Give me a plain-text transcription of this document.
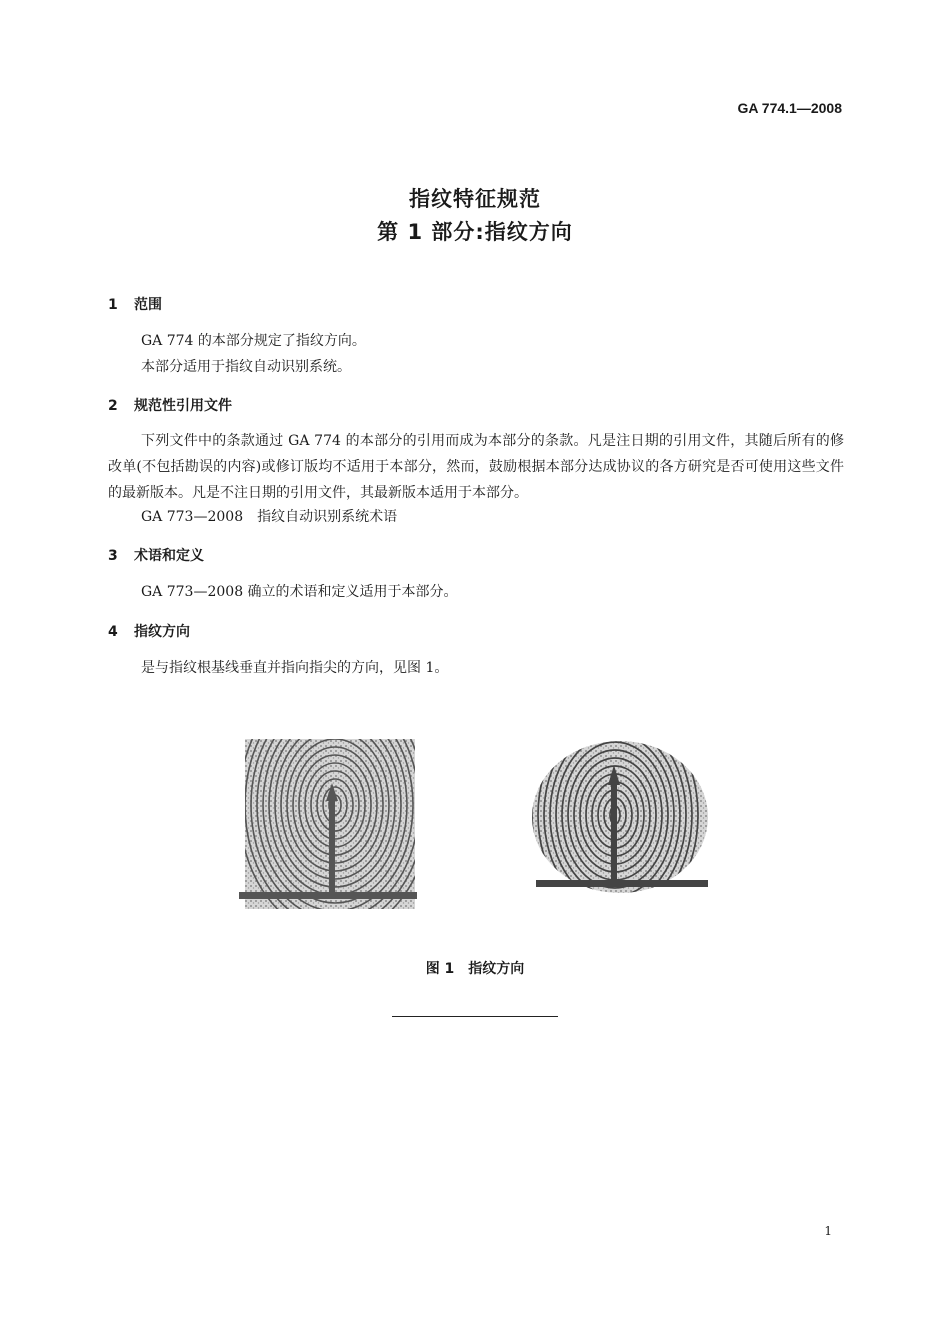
GA 774.1—2008
指纹特征规范
第 1 部分:指纹方向
1 范围
GA 774 的本部分规定了指纹方向。
本部分适用于指纹自动识别系统。
2 规范性引用文件
下列文件中的条款通过 GA 774 的本部分的引用而成为本部分的条款。凡是注日期的引用文件，其随后所有的修改单(不包括勘误的内容)或修订版均不适用于本部分，然而，鼓励根据本部分达成协议的各方研究是否可使用这些文件的最新版本。凡是不注日期的引用文件，其最新版本适用于本部分。
GA 773—2008　指纹自动识别系统术语
3 术语和定义
GA 773—2008 确立的术语和定义适用于本部分。
4 指纹方向
是与指纹根基线垂直并指向指尖的方向，见图 1。
图 1　指纹方向
1
